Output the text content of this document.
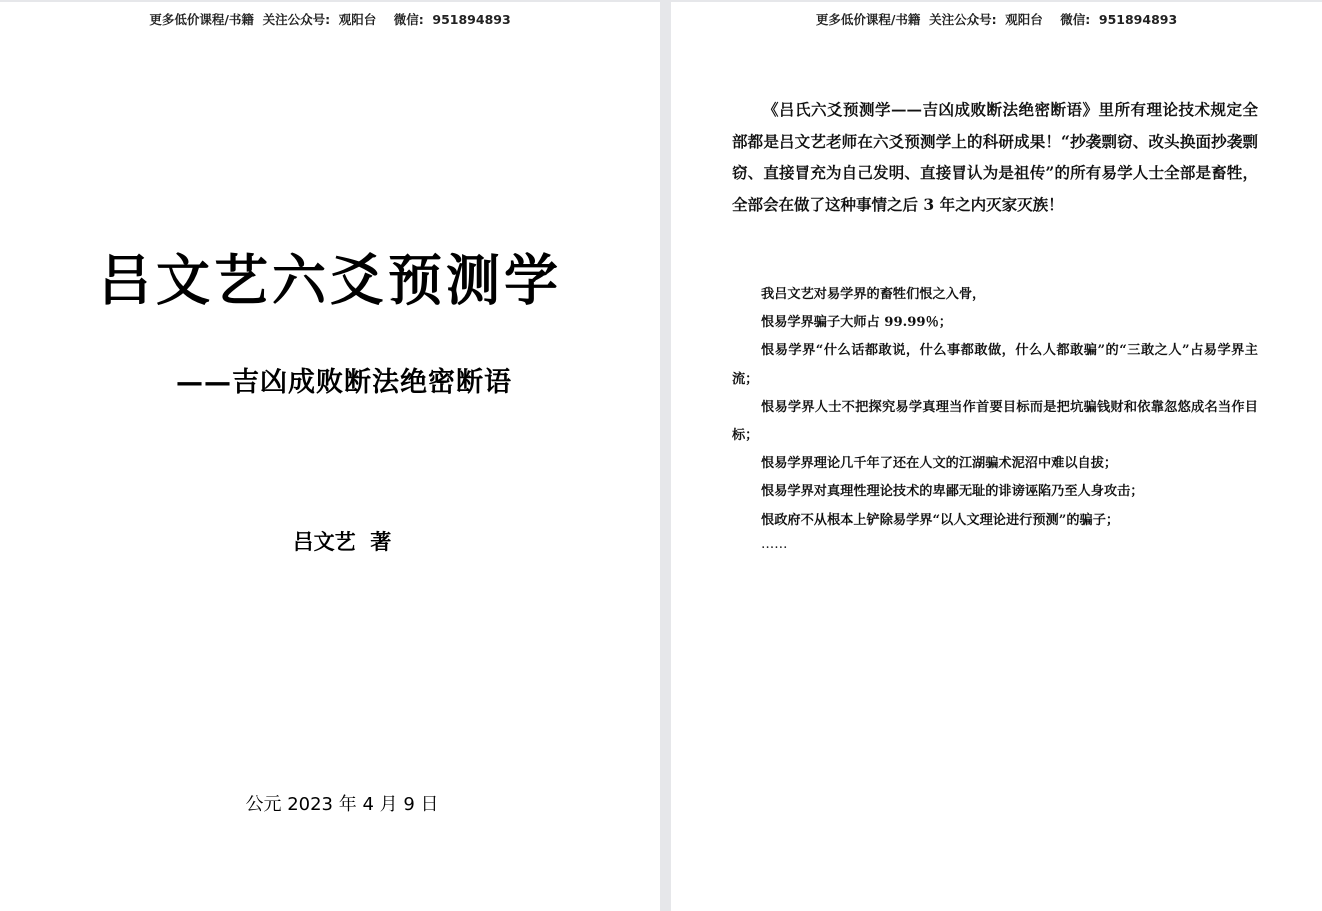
更多低价课程/书籍  关注公众号:  观阳台    微信:  951894893
吕文艺六爻预测学
——吉凶成败断法绝密断语
吕文艺  著
公元 2023 年 4 月 9 日
更多低价课程/书籍  关注公众号:  观阳台    微信:  951894893

《吕氏六爻预测学——吉凶成败断法绝密断语》里所有理论技术规定全部都是吕文艺老师在六爻预测学上的科研成果！“抄袭剽窃、改头换面抄袭剽窃、直接冒充为自己发明、直接冒认为是祖传”的所有易学人士全部是畜牲，全部会在做了这种事情之后 3 年之内灭家灭族！

我吕文艺对易学界的畜牲们恨之入骨，

恨易学界骗子大师占 99.99％；

恨易学界“什么话都敢说，什么事都敢做，什么人都敢骗”的“三敢之人”占易学界主流；

恨易学界人士不把探究易学真理当作首要目标而是把坑骗钱财和依靠忽悠成名当作目标；

恨易学界理论几千年了还在人文的江湖骗术泥沼中难以自拔；

恨易学界对真理性理论技术的卑鄙无耻的诽谤诬陷乃至人身攻击；

恨政府不从根本上铲除易学界“以人文理论进行预测”的骗子；

……
